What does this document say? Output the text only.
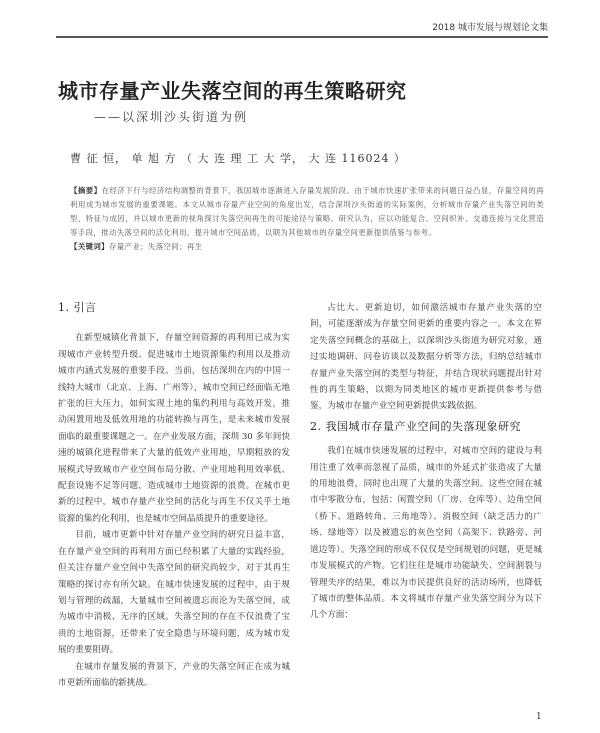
2018 城市发展与规划论文集
城市存量产业失落空间的再生策略研究
——以深圳沙头街道为例
曹 征 恒， 单 旭 方 （ 大 连 理 工 大 学， 大 连 116024 ）

【摘要】在经济下行与经济结构调整的背景下，我国城市逐渐进入存量发展阶段。由于城市快速扩张带来的问题日益凸显，存量空间的再利用成为城市发展的重要课题。本文从城市存量产业空间的角度出发，结合深圳沙头街道的实际案例，分析城市存量产业失落空间的类型、特征与成因，并以城市更新的视角探讨失落空间再生的可能途径与策略。研究认为，应以功能复合、空间织补、交通连接与文化营造等手段，推动失落空间的活化利用，提升城市空间品质，以期为其他城市的存量空间更新提供借鉴与参考。

【关键词】存量产业；失落空间；再生

1. 引言

在新型城镇化背景下，存量空间资源的再利用已成为实现城市产业转型升级、促进城市土地资源集约利用以及推动城市内涵式发展的重要手段。当前，包括深圳在内的中国一线特大城市（北京、上海、广州等），城市空间已经面临无地扩张的巨大压力，如何实现土地的集约利用与高效开发，推动闲置用地及低效用地的功能转换与再生，是未来城市发展面临的最重要课题之一。在产业发展方面，深圳 30 多年间快速的城镇化进程带来了大量的低效产业用地，早期粗放的发展模式导致城市产业空间布局分散、产业用地利用效率低、配套设施不足等问题，造成城市土地资源的浪费。在城市更新的过程中，城市存量产业空间的活化与再生不仅关乎土地资源的集约化利用，也是城市空间品质提升的重要途径。

目前，城市更新中针对存量产业空间的研究日益丰富，在存量产业空间的再利用方面已经积累了大量的实践经验，但关注存量产业空间中失落空间的研究尚较少，对于其再生策略的探讨亦有所欠缺。在城市快速发展的过程中，由于规划与管理的疏漏，大量城市空间被遗忘而沦为失落空间，成为城市中消极、无序的区域。失落空间的存在不仅浪费了宝贵的土地资源，还带来了安全隐患与环境问题，成为城市发展的重要阻碍。

在城市存量发展的背景下，产业的失落空间正在成为城市更新所面临的新挑战。

占比大、更新迫切，如何激活城市存量产业失落的空间，可能逐渐成为存量空间更新的重要内容之一。本文在界定失落空间概念的基础上，以深圳沙头街道为研究对象，通过实地调研、问卷访谈以及数据分析等方法，归纳总结城市存量产业失落空间的类型与特征，并结合现状问题提出针对性的再生策略，以期为同类地区的城市更新提供参考与借鉴，为城市存量产业空间更新提供实践依据。

2. 我国城市存量产业空间的失落现象研究

我们在城市快速发展的过程中，对城市空间的建设与利用注重了效率而忽视了品质，城市的外延式扩张造成了大量的用地浪费，同时也出现了大量的失落空间。这些空间在城市中零散分布，包括：闲置空间（厂房、仓库等）、边角空间（桥下、道路转角、三角地等）、消极空间（缺乏活力的广场、绿地等）以及被遗忘的灰色空间（高架下、铁路旁、河道边等）。失落空间的形成不仅仅是空间规划的问题，更是城市发展模式的产物。它们往往是城市功能缺失、空间割裂与管理失序的结果，难以为市民提供良好的活动场所，也降低了城市的整体品质。本文将城市存量产业失落空间分为以下几个方面：

1
